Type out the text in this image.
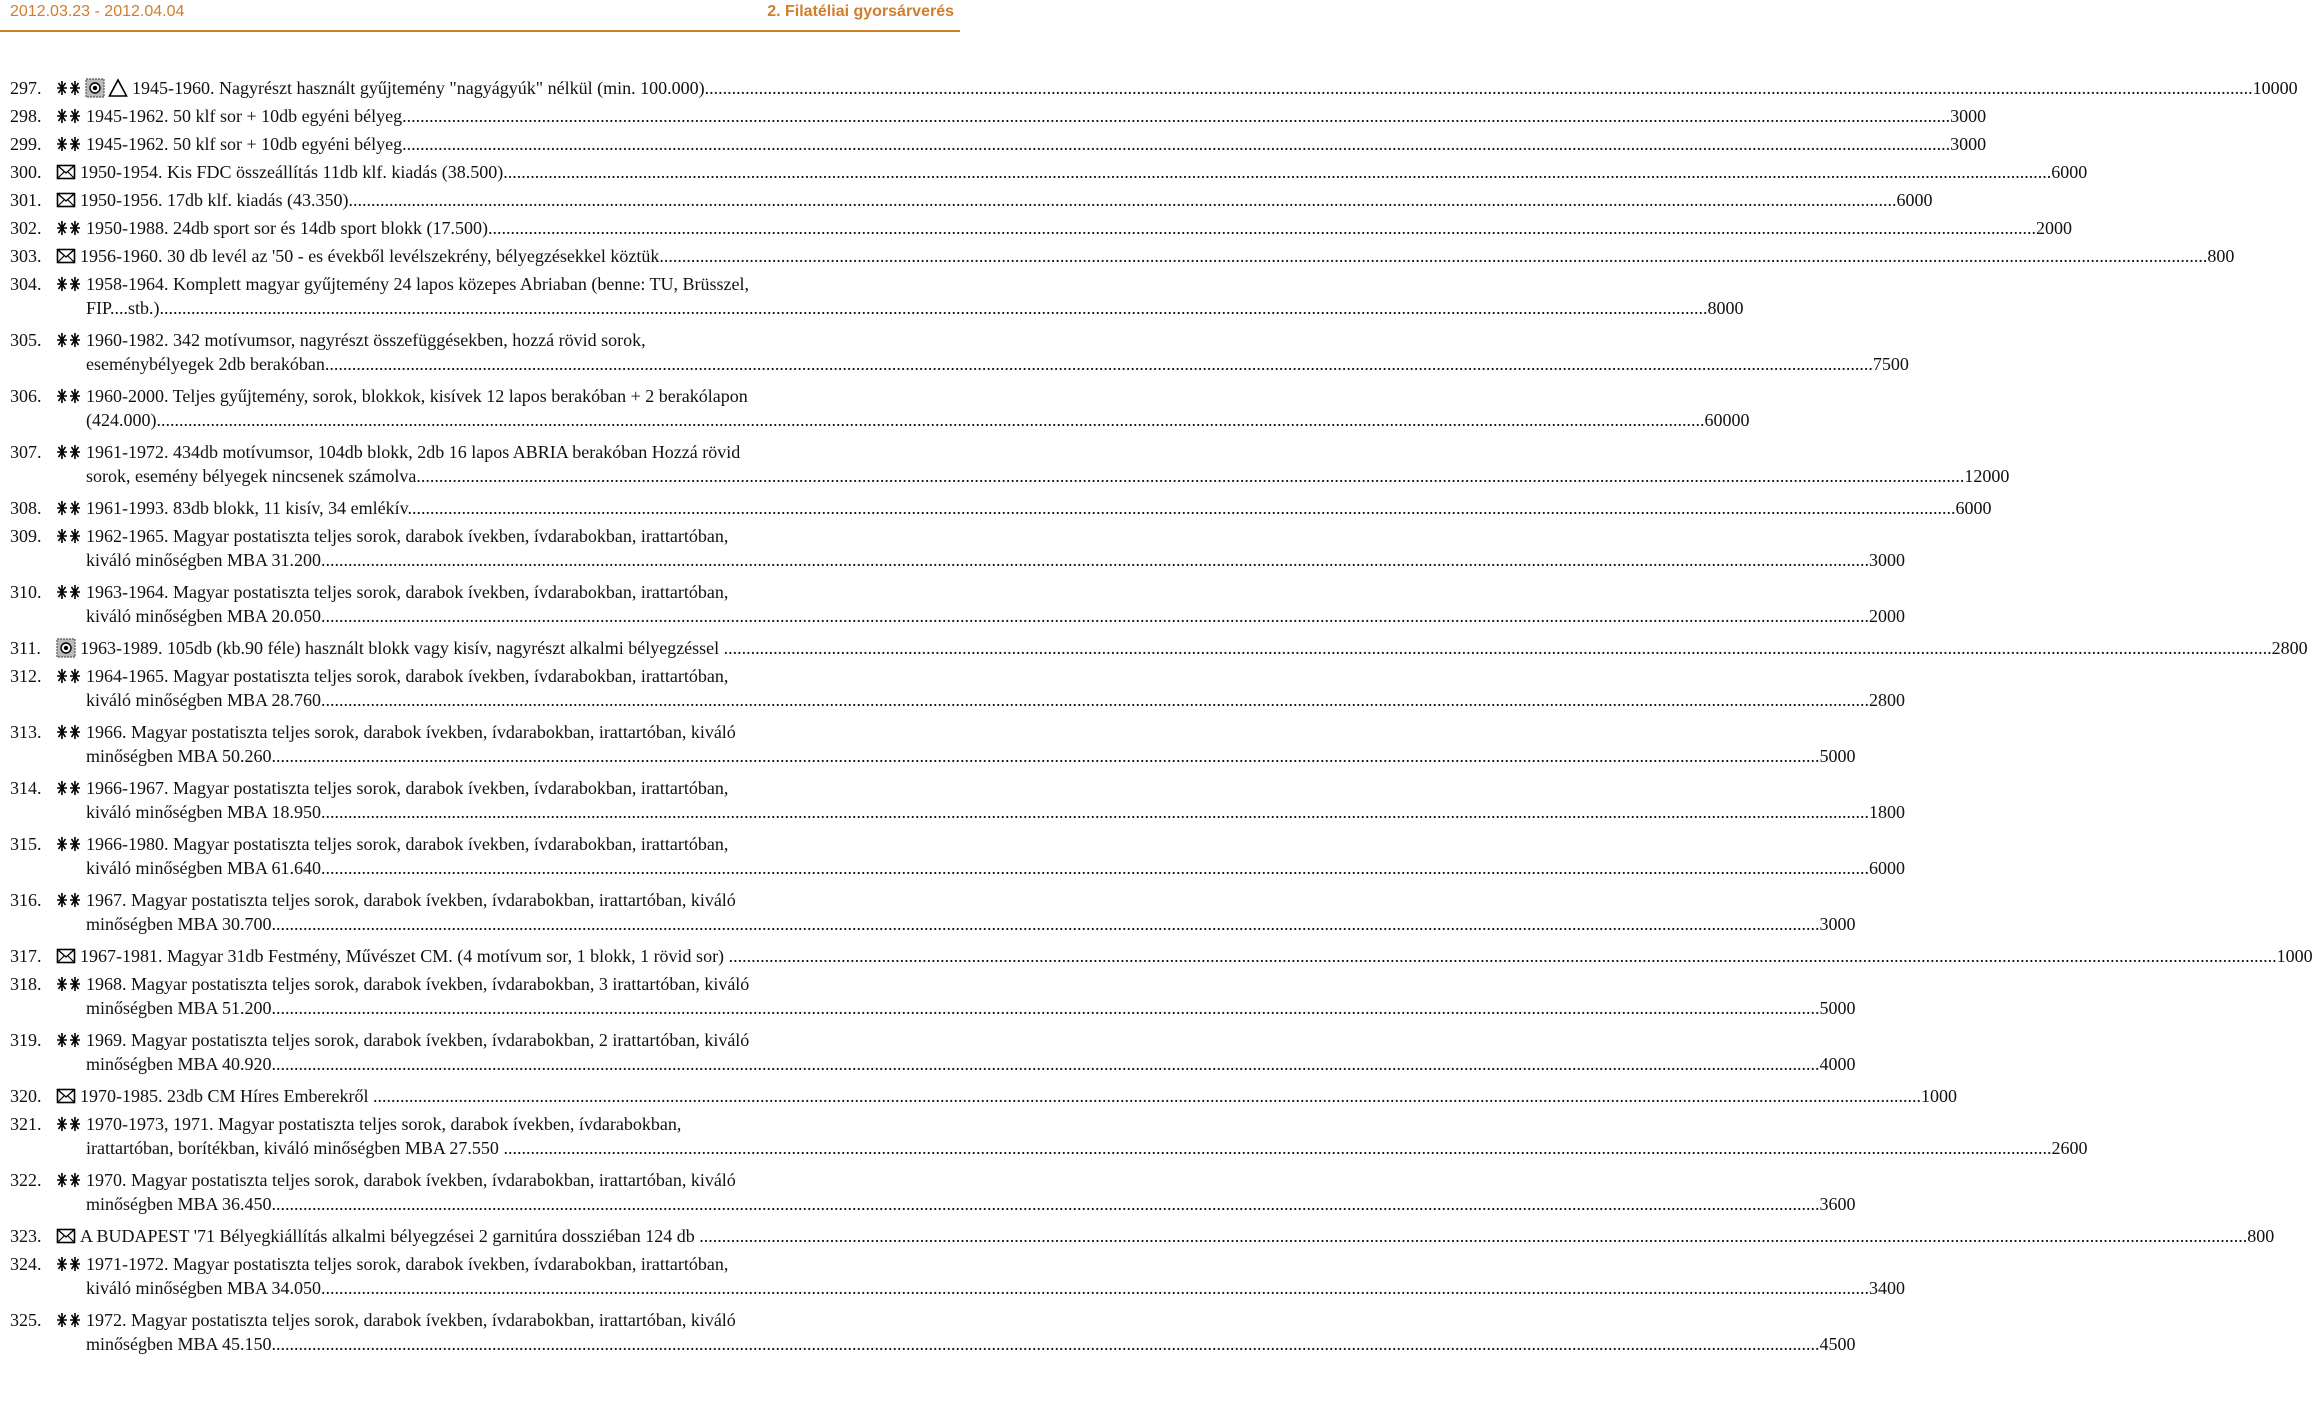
2012.03.23 - 2012.04.04	2. Filatéliai gyorsárverés
297.	1945-1960. Nagyrészt használt gyűjtemény "nagyágyúk" nélkül (min. 100.000) .....	10000
298.	1945-1962. 50 klf sor + 10db egyéni bélyeg .....	3000
299.	1945-1962. 50 klf sor + 10db egyéni bélyeg .....	3000
300.	1950-1954. Kis FDC összeállítás 11db klf. kiadás (38.500) .....	6000
301.	1950-1956. 17db klf. kiadás (43.350) .....	6000
302.	1950-1988. 24db sport sor és 14db sport blokk (17.500) .....	2000
303.	1956-1960. 30 db levél az '50 - es évekből levélszekrény, bélyegzésekkel köztük .....	800
304.	1958-1964. Komplett magyar gyűjtemény 24 lapos közepes Abriaban (benne: TU, Brüsszel,
FIP....stb.) .....	8000
305.	1960-1982. 342 motívumsor, nagyrészt összefüggésekben, hozzá rövid sorok,
eseménybélyegek 2db berakóban .....	7500
306.	1960-2000. Teljes gyűjtemény, sorok, blokkok, kisívek 12 lapos berakóban + 2 berakólapon
(424.000) .....	60000
307.	1961-1972. 434db motívumsor, 104db blokk, 2db 16 lapos ABRIA berakóban Hozzá rövid
sorok, esemény bélyegek nincsenek számolva .....	12000
308.	1961-1993. 83db blokk, 11 kisív, 34 emlékív .....	6000
309.	1962-1965. Magyar postatiszta teljes sorok, darabok ívekben, ívdarabokban, irattartóban,
kiváló minőségben MBA 31.200 .....	3000
310.	1963-1964. Magyar postatiszta teljes sorok, darabok ívekben, ívdarabokban, irattartóban,
kiváló minőségben MBA 20.050 .....	2000
311.	1963-1989. 105db (kb.90 féle) használt blokk vagy kisív, nagyrészt alkalmi bélyegzéssel .....	2800
312.	1964-1965. Magyar postatiszta teljes sorok, darabok ívekben, ívdarabokban, irattartóban,
kiváló minőségben MBA 28.760 .....	2800
313.	1966. Magyar postatiszta teljes sorok, darabok ívekben, ívdarabokban, irattartóban, kiváló
minőségben MBA 50.260 .....	5000
314.	1966-1967. Magyar postatiszta teljes sorok, darabok ívekben, ívdarabokban, irattartóban,
kiváló minőségben MBA 18.950 .....	1800
315.	1966-1980. Magyar postatiszta teljes sorok, darabok ívekben, ívdarabokban, irattartóban,
kiváló minőségben MBA 61.640 .....	6000
316.	1967. Magyar postatiszta teljes sorok, darabok ívekben, ívdarabokban, irattartóban, kiváló
minőségben MBA 30.700 .....	3000
317.	1967-1981. Magyar 31db Festmény, Művészet CM. (4 motívum sor, 1 blokk, 1 rövid sor) .....	1000
318.	1968. Magyar postatiszta teljes sorok, darabok ívekben, ívdarabokban, 3 irattartóban, kiváló
minőségben MBA 51.200 .....	5000
319.	1969. Magyar postatiszta teljes sorok, darabok ívekben, ívdarabokban, 2 irattartóban, kiváló
minőségben MBA 40.920 .....	4000
320.	1970-1985. 23db CM Híres Emberekről .....	1000
321.	1970-1973, 1971. Magyar postatiszta teljes sorok, darabok ívekben, ívdarabokban,
irattartóban, borítékban, kiváló minőségben MBA 27.550 .....	2600
322.	1970. Magyar postatiszta teljes sorok, darabok ívekben, ívdarabokban, irattartóban, kiváló
minőségben MBA 36.450 .....	3600
323.	A BUDAPEST '71 Bélyegkiállítás alkalmi bélyegzései 2 garnitúra dossziéban 124 db .....	800
324.	1971-1972. Magyar postatiszta teljes sorok, darabok ívekben, ívdarabokban, irattartóban,
kiváló minőségben MBA 34.050 .....	3400
325.	1972. Magyar postatiszta teljes sorok, darabok ívekben, ívdarabokban, irattartóban, kiváló
minőségben MBA 45.150 .....	4500
